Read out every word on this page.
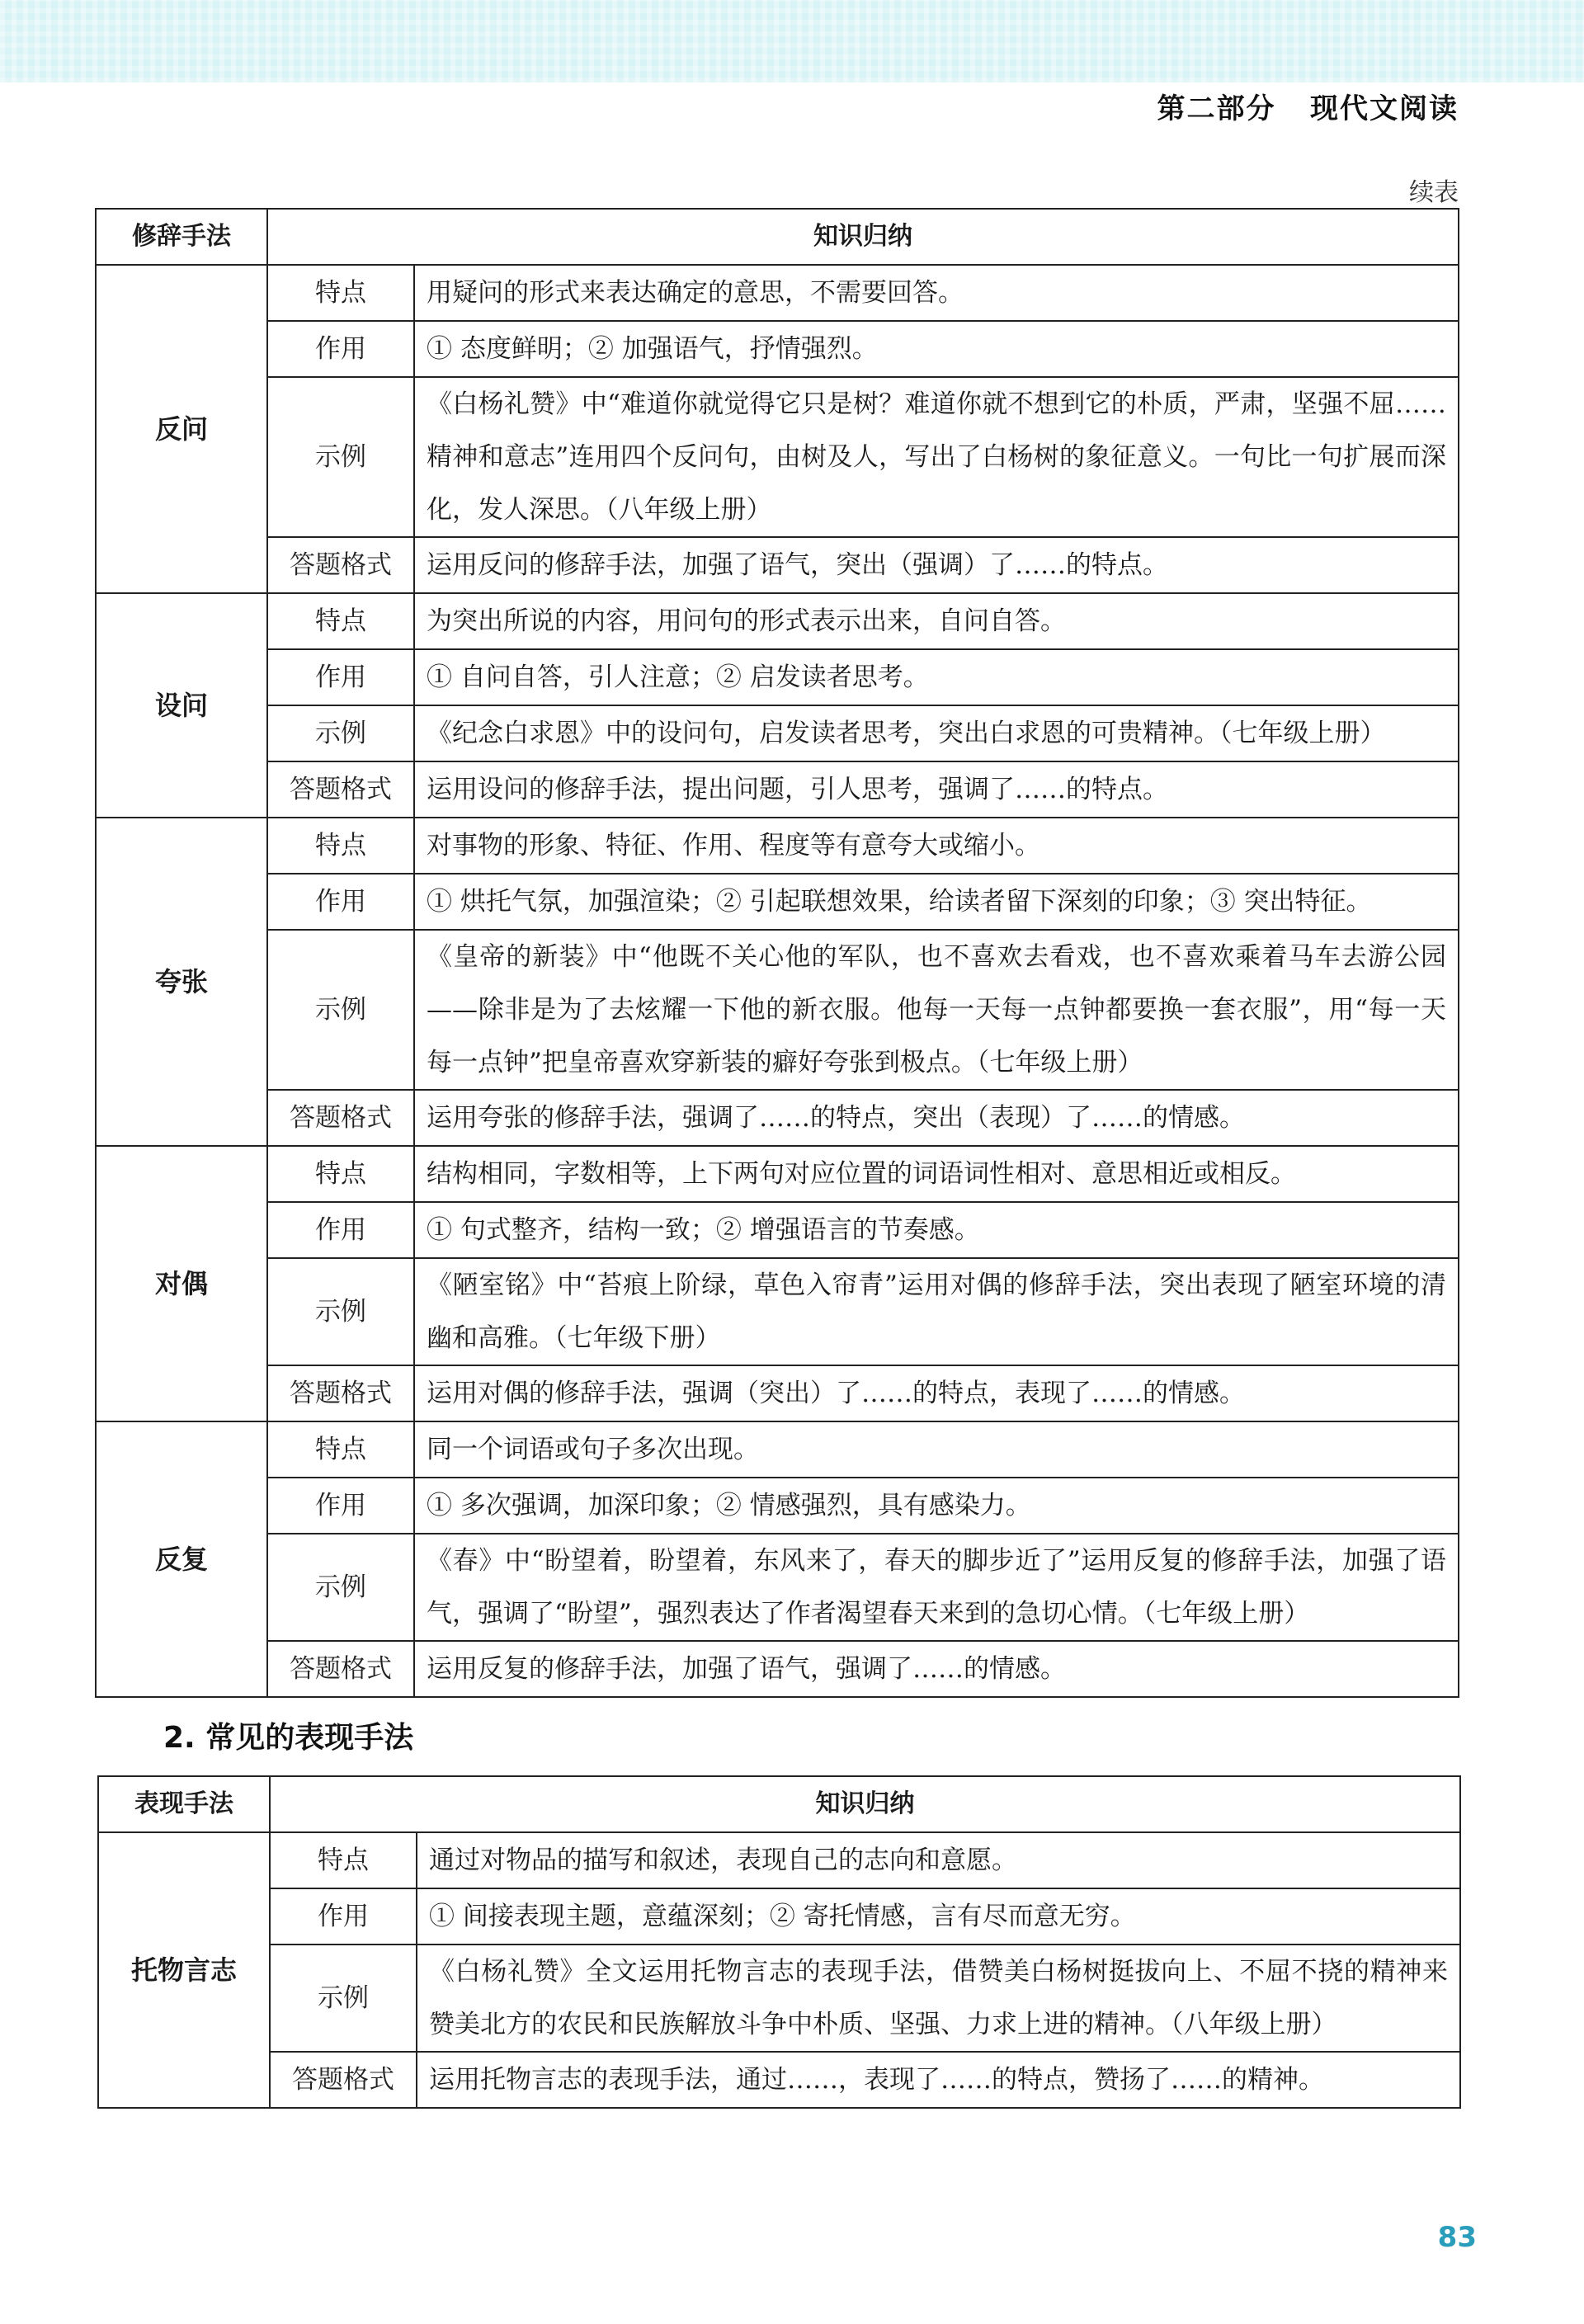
第二部分 现代文阅读
续表
修辞手法	知识归纳	
反问	特点	用疑问的形式来表达确定的意思，不需要回答。
	作用	① 态度鲜明；② 加强语气，抒情强烈。
	示例	《白杨礼赞》中“难道你就觉得它只是树？难道你就不想到它的朴质，严肃，坚强不屈……精神和意志”连用四个反问句，由树及人，写出了白杨树的象征意义。一句比一句扩展而深化，发人深思。（八年级上册）
	答题格式	运用反问的修辞手法，加强了语气，突出（强调）了……的特点。
设问	特点	为突出所说的内容，用问句的形式表示出来，自问自答。
	作用	① 自问自答，引人注意；② 启发读者思考。
	示例	《纪念白求恩》中的设问句，启发读者思考，突出白求恩的可贵精神。（七年级上册）
	答题格式	运用设问的修辞手法，提出问题，引人思考，强调了……的特点。
夸张	特点	对事物的形象、特征、作用、程度等有意夸大或缩小。
	作用	① 烘托气氛，加强渲染；② 引起联想效果，给读者留下深刻的印象；③ 突出特征。
	示例	《皇帝的新装》中“他既不关心他的军队，也不喜欢去看戏，也不喜欢乘着马车去游公园——除非是为了去炫耀一下他的新衣服。他每一天每一点钟都要换一套衣服”，用“每一天每一点钟”把皇帝喜欢穿新装的癖好夸张到极点。（七年级上册）
	答题格式	运用夸张的修辞手法，强调了……的特点，突出（表现）了……的情感。
对偶	特点	结构相同，字数相等，上下两句对应位置的词语词性相对、意思相近或相反。
	作用	① 句式整齐，结构一致；② 增强语言的节奏感。
	示例	《陋室铭》中“苔痕上阶绿，草色入帘青”运用对偶的修辞手法，突出表现了陋室环境的清幽和高雅。（七年级下册）
	答题格式	运用对偶的修辞手法，强调（突出）了……的特点，表现了……的情感。
反复	特点	同一个词语或句子多次出现。
	作用	① 多次强调，加深印象；② 情感强烈，具有感染力。
	示例	《春》中“盼望着，盼望着，东风来了，春天的脚步近了”运用反复的修辞手法，加强了语气，强调了“盼望”，强烈表达了作者渴望春天来到的急切心情。（七年级上册）
	答题格式	运用反复的修辞手法，加强了语气，强调了……的情感。
2. 常见的表现手法
表现手法	知识归纳	
托物言志	特点	通过对物品的描写和叙述，表现自己的志向和意愿。
	作用	① 间接表现主题，意蕴深刻；② 寄托情感，言有尽而意无穷。
	示例	《白杨礼赞》全文运用托物言志的表现手法，借赞美白杨树挺拔向上、不屈不挠的精神来赞美北方的农民和民族解放斗争中朴质、坚强、力求上进的精神。（八年级上册）
	答题格式	运用托物言志的表现手法，通过……，表现了……的特点，赞扬了……的精神。
83
